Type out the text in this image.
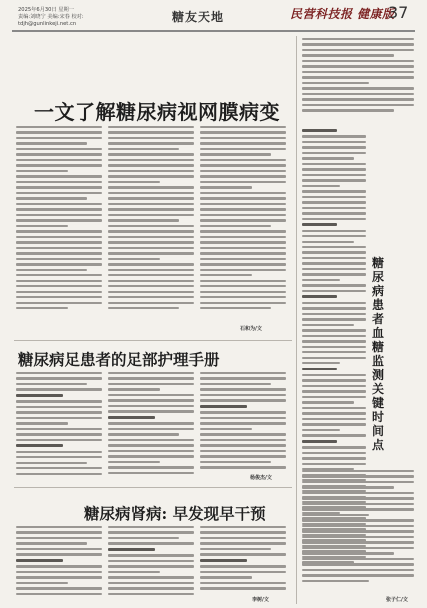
2025年6月30日 星期一
责编:刘晓宁 美编:宋春 校对:
tdjh@gunlinkeji.net.cn	糖友天地	民营科技报 健康版
37
一文了解糖尿病视网膜病变
石和为/文
糖尿病足患者的足部护理手册
杨俊杰/文
糖尿病肾病: 早发现早干预
李树/文
糖尿病患者血糖监测关键时间点
张子仁/文
